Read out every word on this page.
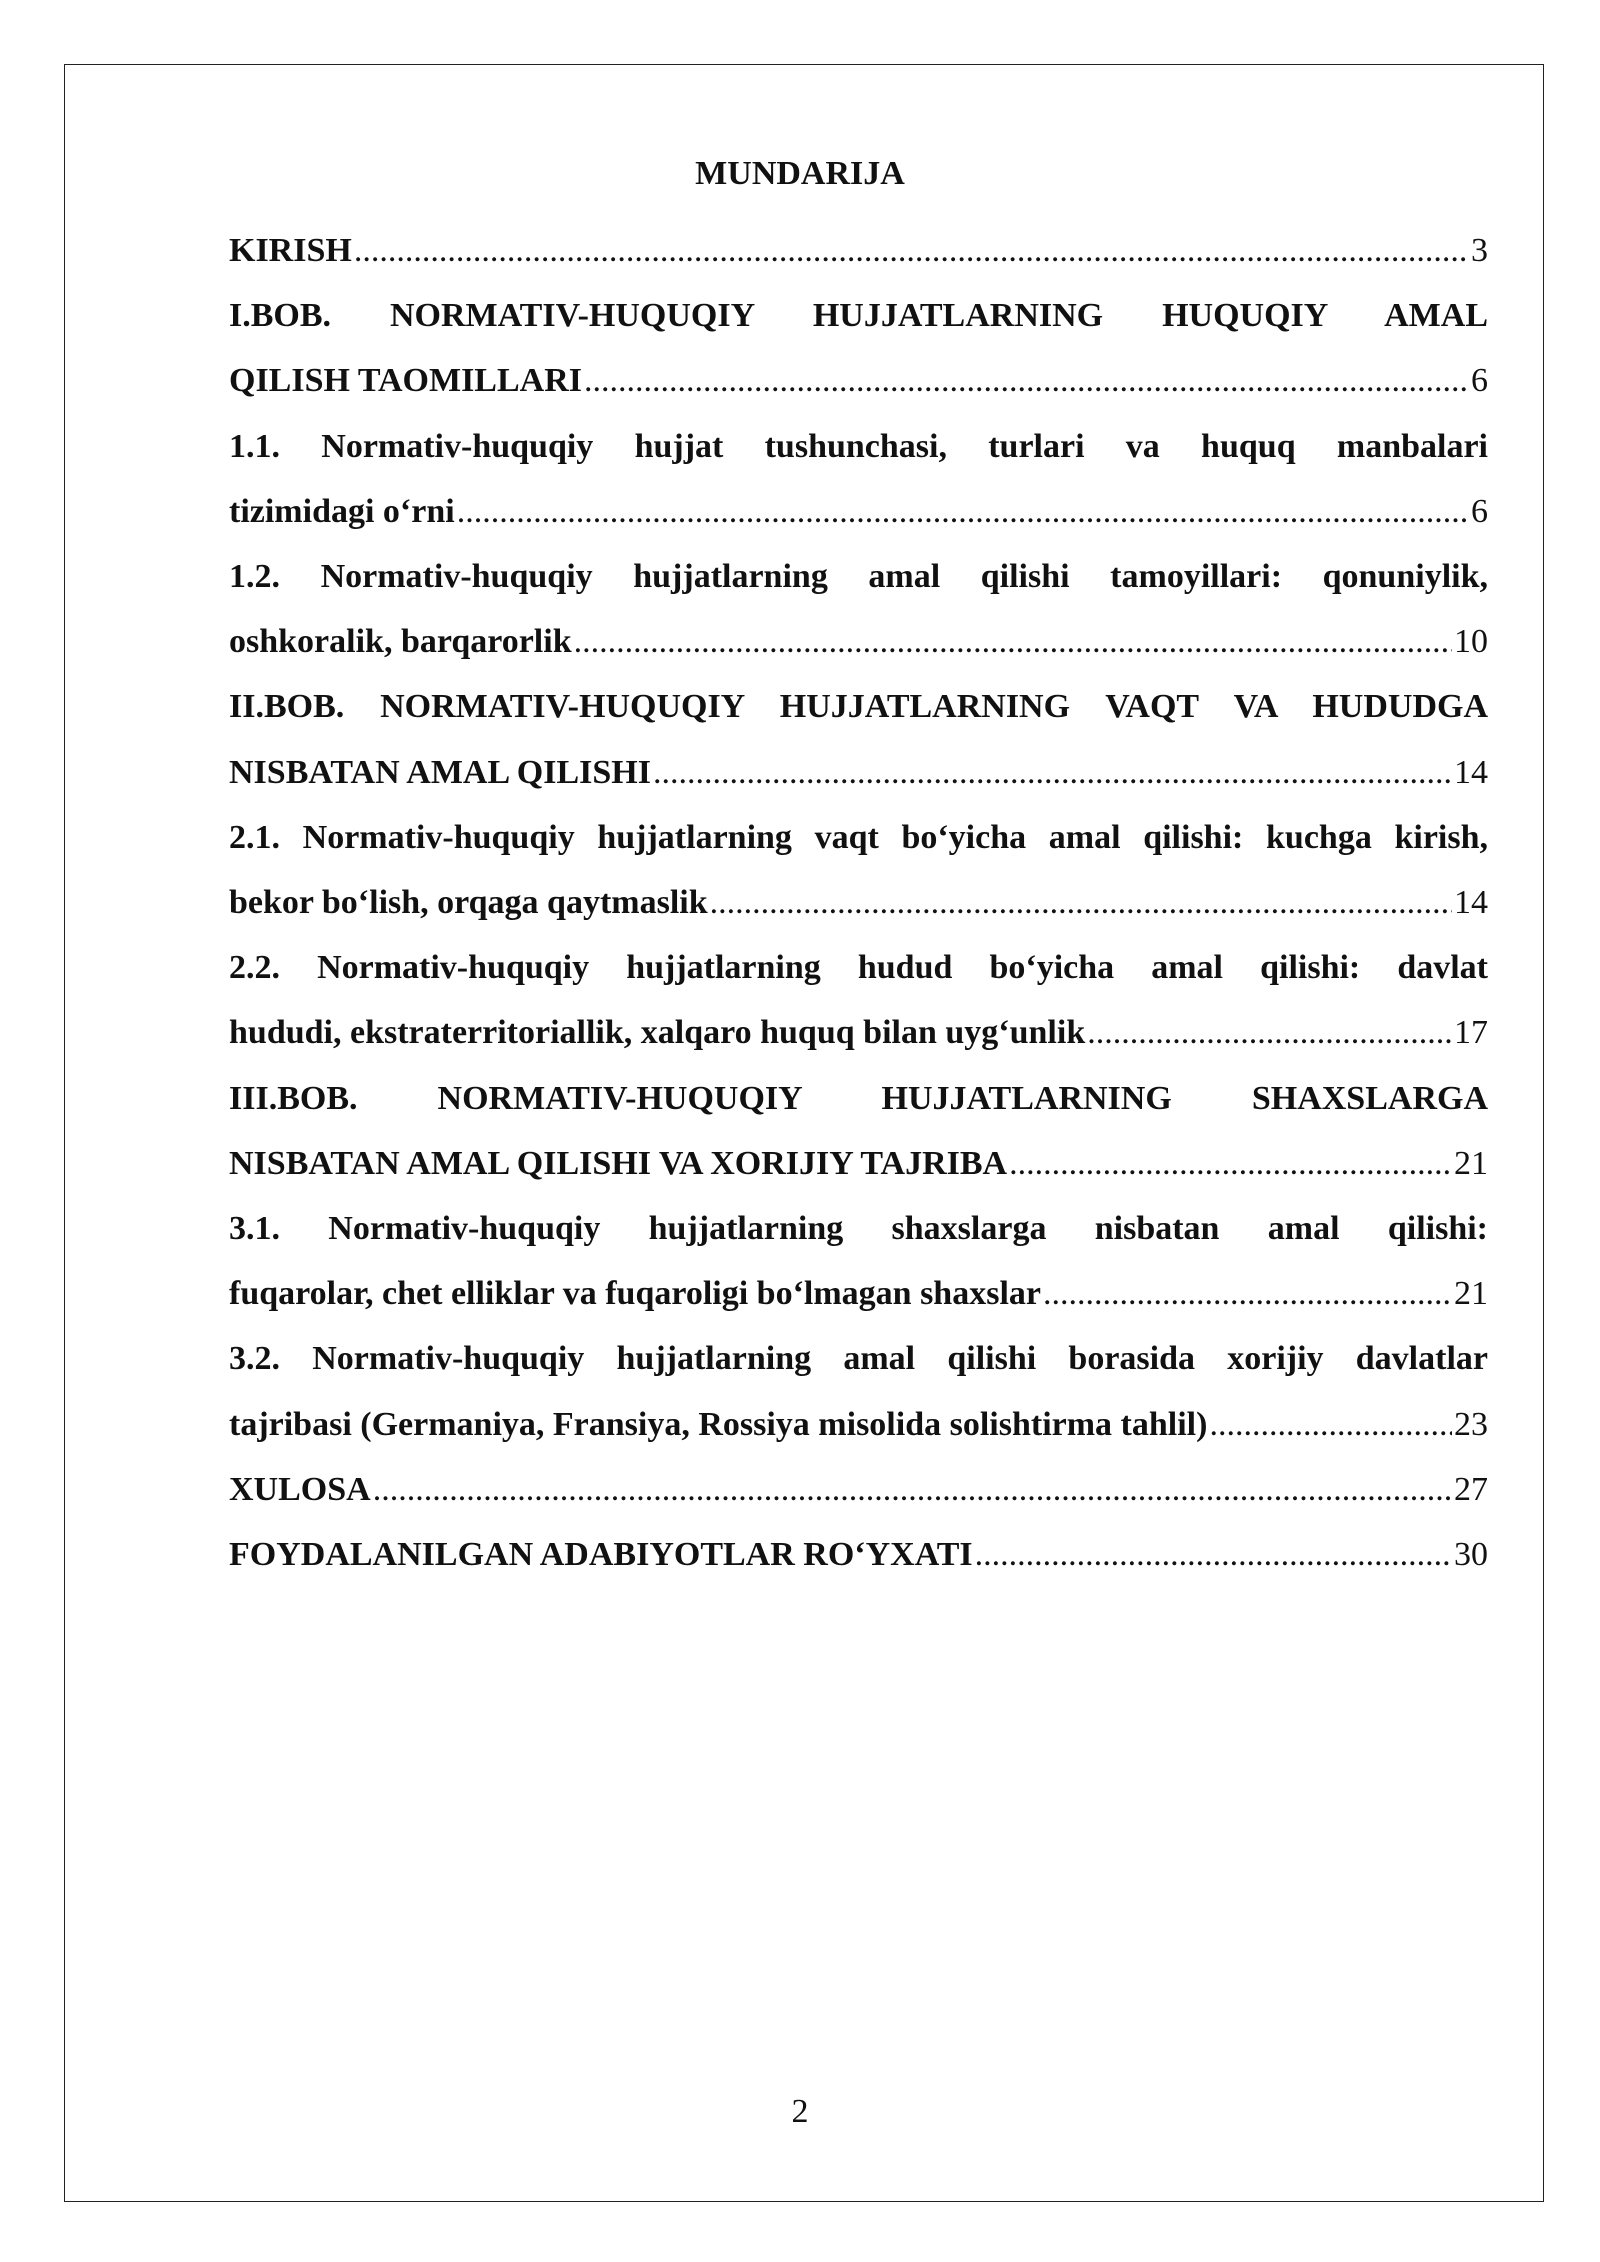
MUNDARIJA
KIRISH .....	3
I.BOB. NORMATIV-HUQUQIY HUJJATLARNING HUQUQIY AMAL
QILISH TAOMILLARI .....	6
1.1. Normativ-huquqiy hujjat tushunchasi, turlari va huquq manbalari
tizimidagi o‘rni .....	6
1.2. Normativ-huquqiy hujjatlarning amal qilishi tamoyillari: qonuniylik,
oshkoralik, barqarorlik .....	10
II.BOB. NORMATIV-HUQUQIY HUJJATLARNING VAQT VA HUDUDGA
NISBATAN AMAL QILISHI .....	14
2.1. Normativ-huquqiy hujjatlarning vaqt bo‘yicha amal qilishi: kuchga kirish,
bekor bo‘lish, orqaga qaytmaslik .....	14
2.2. Normativ-huquqiy hujjatlarning hudud bo‘yicha amal qilishi: davlat
hududi, ekstraterritoriallik, xalqaro huquq bilan uyg‘unlik .....	17
III.BOB. NORMATIV-HUQUQIY HUJJATLARNING SHAXSLARGA
NISBATAN AMAL QILISHI VA XORIJIY TAJRIBA .....	21
3.1. Normativ-huquqiy hujjatlarning shaxslarga nisbatan amal qilishi:
fuqarolar, chet elliklar va fuqaroligi bo‘lmagan shaxslar .....	21
3.2. Normativ-huquqiy hujjatlarning amal qilishi borasida xorijiy davlatlar
tajribasi (Germaniya, Fransiya, Rossiya misolida solishtirma tahlil) .....	23
XULOSA .....	27
FOYDALANILGAN ADABIYOTLAR RO‘YXATI .....	30
2
